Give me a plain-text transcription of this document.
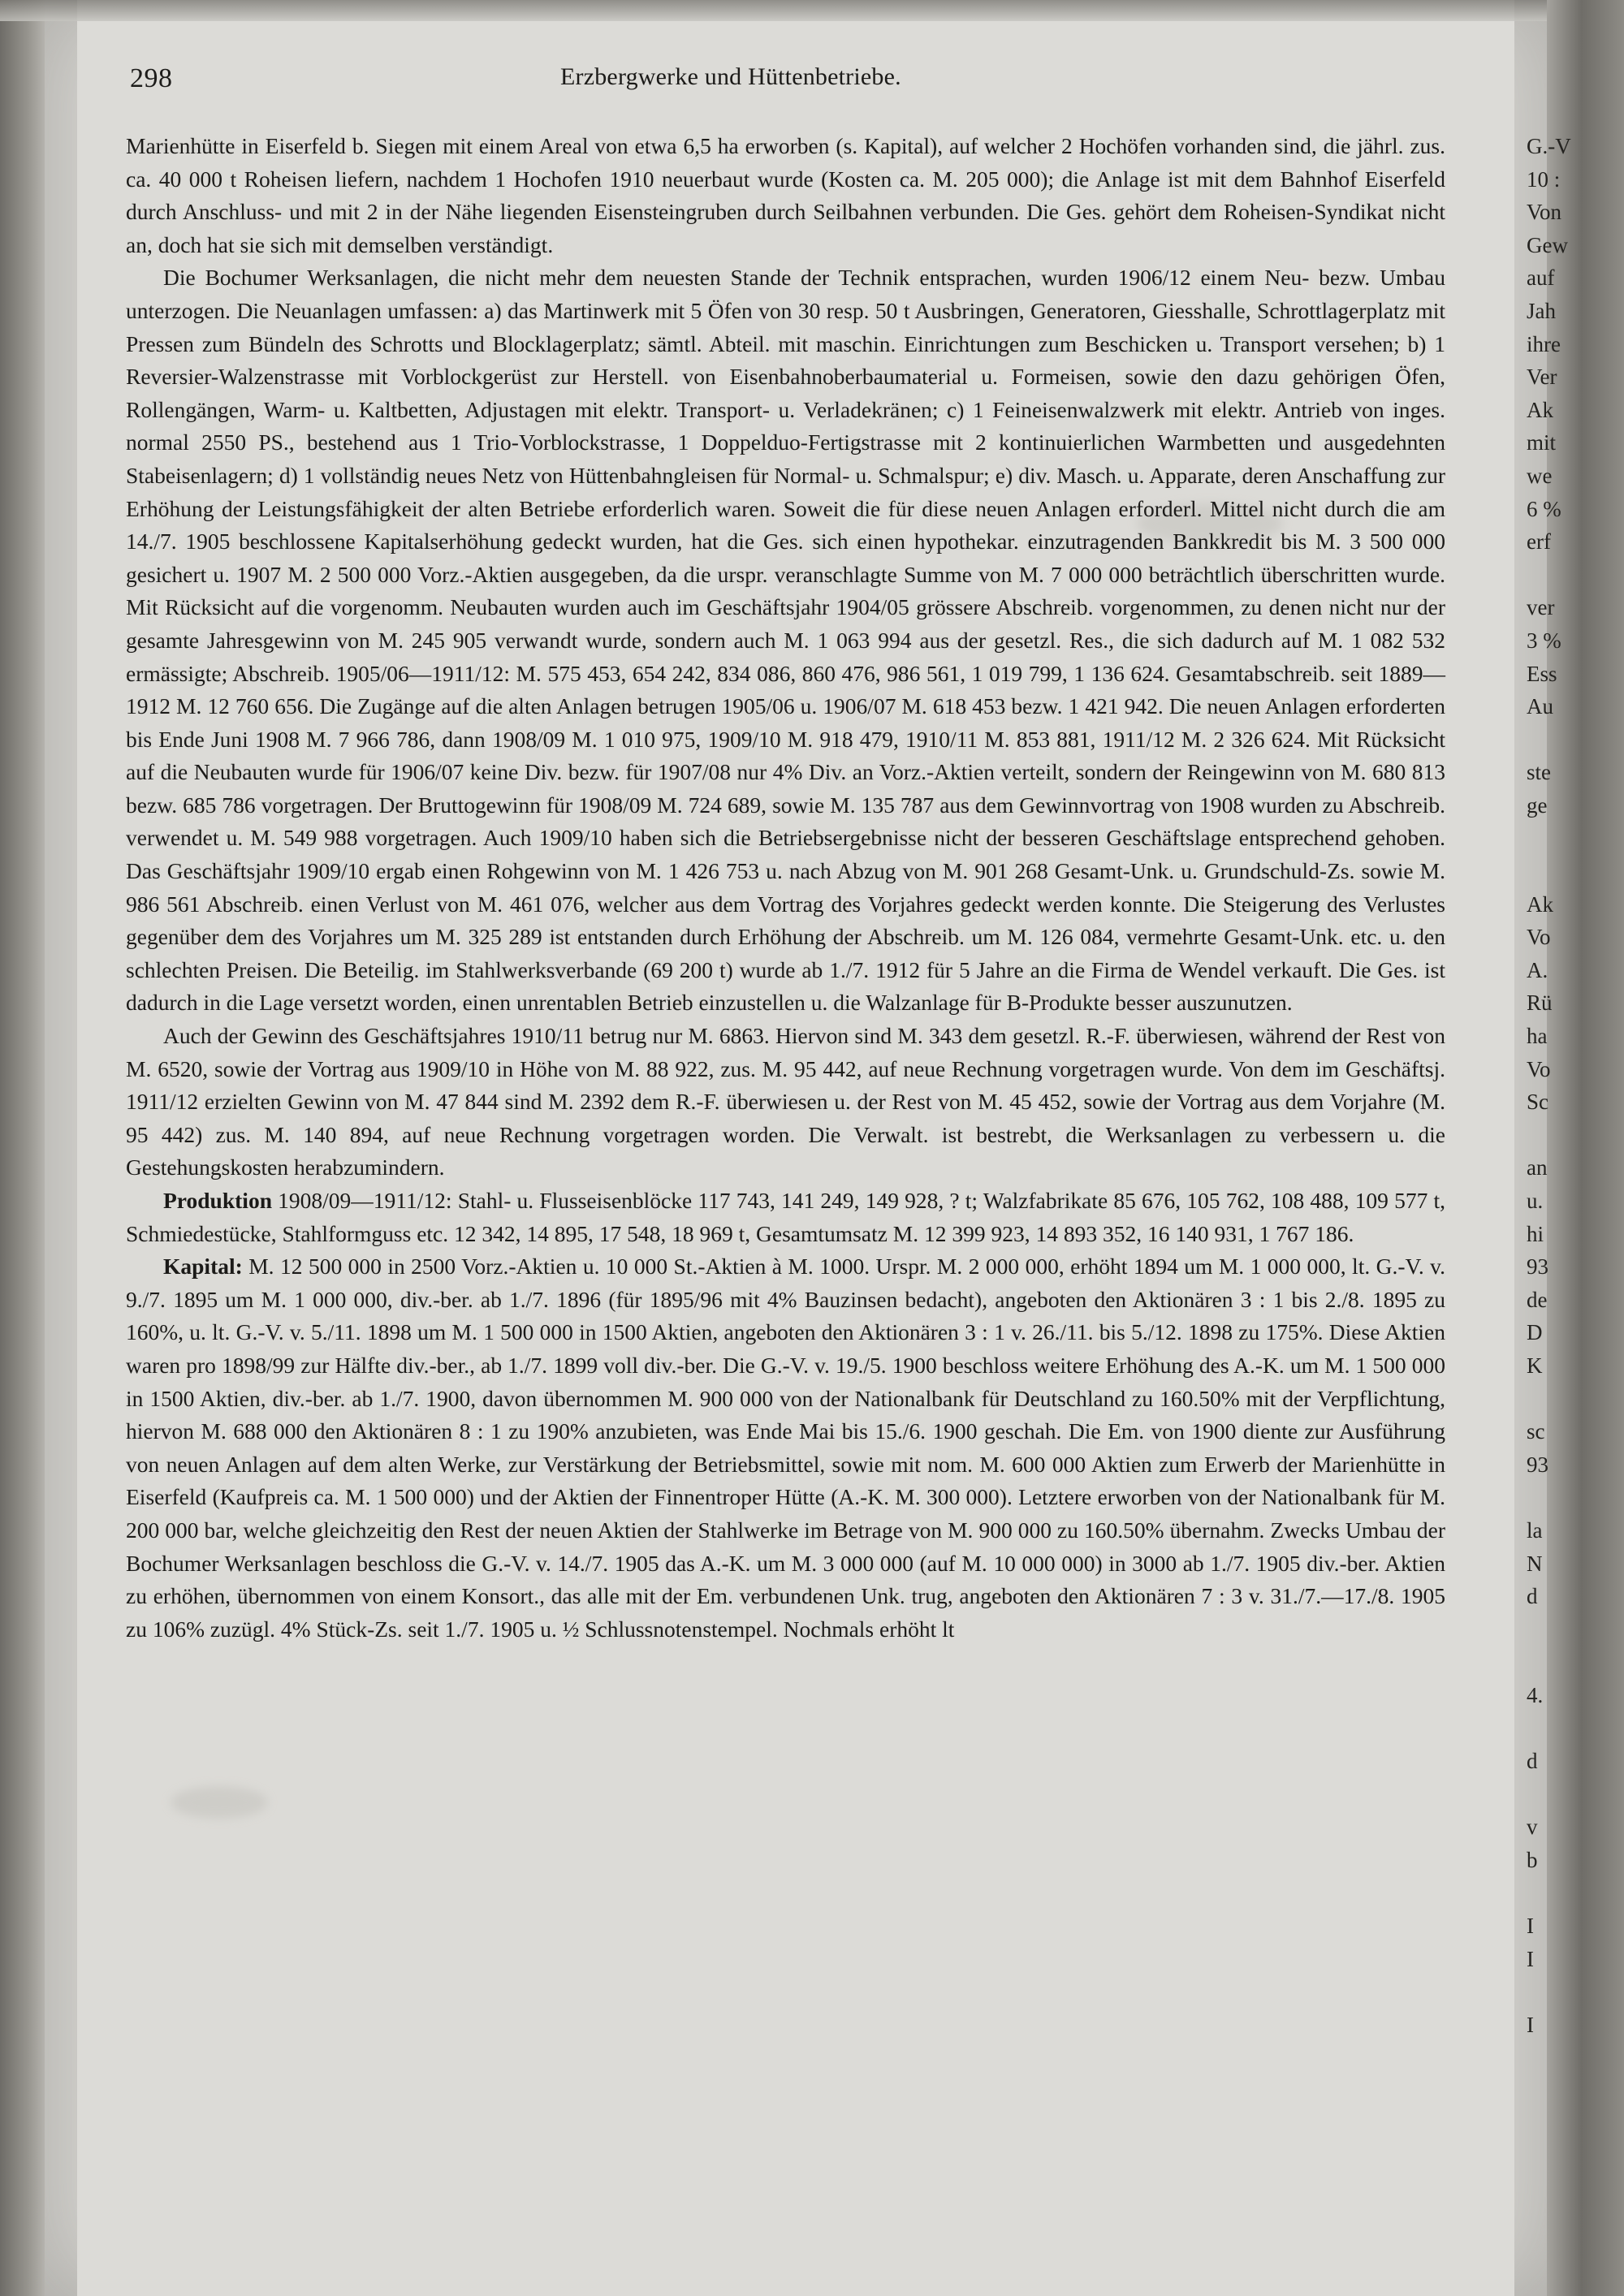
298	Erzbergwerke und Hüttenbetriebe.

Marienhütte in Eiserfeld b. Siegen mit einem Areal von etwa 6,5 ha erworben (s. Kapital), auf welcher 2 Hochöfen vorhanden sind, die jährl. zus. ca. 40 000 t Roheisen liefern, nachdem 1 Hochofen 1910 neuerbaut wurde (Kosten ca. M. 205 000); die Anlage ist mit dem Bahnhof Eiserfeld durch Anschluss- und mit 2 in der Nähe liegenden Eisensteingruben durch Seilbahnen verbunden. Die Ges. gehört dem Roheisen-Syndikat nicht an, doch hat sie sich mit demselben verständigt.

Die Bochumer Werksanlagen, die nicht mehr dem neuesten Stande der Technik entsprachen, wurden 1906/12 einem Neu- bezw. Umbau unterzogen. Die Neuanlagen umfassen: a) das Martinwerk mit 5 Öfen von 30 resp. 50 t Ausbringen, Generatoren, Giesshalle, Schrottlagerplatz mit Pressen zum Bündeln des Schrotts und Blocklagerplatz; sämtl. Abteil. mit maschin. Einrichtungen zum Beschicken u. Transport versehen; b) 1 Reversier-Walzenstrasse mit Vorblockgerüst zur Herstell. von Eisenbahnoberbaumaterial u. Formeisen, sowie den dazu gehörigen Öfen, Rollengängen, Warm- u. Kaltbetten, Adjustagen mit elektr. Transport- u. Verladekränen; c) 1 Feineisenwalzwerk mit elektr. Antrieb von inges. normal 2550 PS., bestehend aus 1 Trio-Vorblockstrasse, 1 Doppelduo-Fertigstrasse mit 2 kontinuierlichen Warmbetten und ausgedehnten Stabeisenlagern; d) 1 vollständig neues Netz von Hüttenbahngleisen für Normal- u. Schmalspur; e) div. Masch. u. Apparate, deren Anschaffung zur Erhöhung der Leistungsfähigkeit der alten Betriebe erforderlich waren. Soweit die für diese neuen Anlagen erforderl. Mittel nicht durch die am 14./7. 1905 beschlossene Kapitalserhöhung gedeckt wurden, hat die Ges. sich einen hypothekar. einzutragenden Bankkredit bis M. 3 500 000 gesichert u. 1907 M. 2 500 000 Vorz.-Aktien ausgegeben, da die urspr. veranschlagte Summe von M. 7 000 000 beträchtlich überschritten wurde. Mit Rücksicht auf die vorgenomm. Neubauten wurden auch im Geschäftsjahr 1904/05 grössere Abschreib. vorgenommen, zu denen nicht nur der gesamte Jahresgewinn von M. 245 905 verwandt wurde, sondern auch M. 1 063 994 aus der gesetzl. Res., die sich dadurch auf M. 1 082 532 ermässigte; Abschreib. 1905/06—1911/12: M. 575 453, 654 242, 834 086, 860 476, 986 561, 1 019 799, 1 136 624. Gesamtabschreib. seit 1889—1912 M. 12 760 656. Die Zugänge auf die alten Anlagen betrugen 1905/06 u. 1906/07 M. 618 453 bezw. 1 421 942. Die neuen Anlagen erforderten bis Ende Juni 1908 M. 7 966 786, dann 1908/09 M. 1 010 975, 1909/10 M. 918 479, 1910/11 M. 853 881, 1911/12 M. 2 326 624. Mit Rücksicht auf die Neubauten wurde für 1906/07 keine Div. bezw. für 1907/08 nur 4% Div. an Vorz.-Aktien verteilt, sondern der Reingewinn von M. 680 813 bezw. 685 786 vorgetragen. Der Bruttogewinn für 1908/09 M. 724 689, sowie M. 135 787 aus dem Gewinnvortrag von 1908 wurden zu Abschreib. verwendet u. M. 549 988 vorgetragen. Auch 1909/10 haben sich die Betriebsergebnisse nicht der besseren Geschäftslage entsprechend gehoben. Das Geschäftsjahr 1909/10 ergab einen Rohgewinn von M. 1 426 753 u. nach Abzug von M. 901 268 Gesamt-Unk. u. Grundschuld-Zs. sowie M. 986 561 Abschreib. einen Verlust von M. 461 076, welcher aus dem Vortrag des Vorjahres gedeckt werden konnte. Die Steigerung des Verlustes gegenüber dem des Vorjahres um M. 325 289 ist entstanden durch Erhöhung der Abschreib. um M. 126 084, vermehrte Gesamt-Unk. etc. u. den schlechten Preisen. Die Beteilig. im Stahlwerksverbande (69 200 t) wurde ab 1./7. 1912 für 5 Jahre an die Firma de Wendel verkauft. Die Ges. ist dadurch in die Lage versetzt worden, einen unrentablen Betrieb einzustellen u. die Walzanlage für B-Produkte besser auszunutzen.

Auch der Gewinn des Geschäftsjahres 1910/11 betrug nur M. 6863. Hiervon sind M. 343 dem gesetzl. R.-F. überwiesen, während der Rest von M. 6520, sowie der Vortrag aus 1909/10 in Höhe von M. 88 922, zus. M. 95 442, auf neue Rechnung vorgetragen wurde. Von dem im Geschäftsj. 1911/12 erzielten Gewinn von M. 47 844 sind M. 2392 dem R.-F. überwiesen u. der Rest von M. 45 452, sowie der Vortrag aus dem Vorjahre (M. 95 442) zus. M. 140 894, auf neue Rechnung vorgetragen worden. Die Verwalt. ist bestrebt, die Werksanlagen zu verbessern u. die Gestehungskosten herabzumindern.

Produktion 1908/09—1911/12: Stahl- u. Flusseisenblöcke 117 743, 141 249, 149 928, ? t; Walzfabrikate 85 676, 105 762, 108 488, 109 577 t, Schmiedestücke, Stahlformguss etc. 12 342, 14 895, 17 548, 18 969 t, Gesamtumsatz M. 12 399 923, 14 893 352, 16 140 931, 1 767 186.

Kapital: M. 12 500 000 in 2500 Vorz.-Aktien u. 10 000 St.-Aktien à M. 1000. Urspr. M. 2 000 000, erhöht 1894 um M. 1 000 000, lt. G.-V. v. 9./7. 1895 um M. 1 000 000, div.-ber. ab 1./7. 1896 (für 1895/96 mit 4% Bauzinsen bedacht), angeboten den Aktionären 3 : 1 bis 2./8. 1895 zu 160%, u. lt. G.-V. v. 5./11. 1898 um M. 1 500 000 in 1500 Aktien, angeboten den Aktionären 3 : 1 v. 26./11. bis 5./12. 1898 zu 175%. Diese Aktien waren pro 1898/99 zur Hälfte div.-ber., ab 1./7. 1899 voll div.-ber. Die G.-V. v. 19./5. 1900 beschloss weitere Erhöhung des A.-K. um M. 1 500 000 in 1500 Aktien, div.-ber. ab 1./7. 1900, davon übernommen M. 900 000 von der Nationalbank für Deutschland zu 160.50% mit der Verpflichtung, hiervon M. 688 000 den Aktionären 8 : 1 zu 190% anzubieten, was Ende Mai bis 15./6. 1900 geschah. Die Em. von 1900 diente zur Ausführung von neuen Anlagen auf dem alten Werke, zur Verstärkung der Betriebsmittel, sowie mit nom. M. 600 000 Aktien zum Erwerb der Marienhütte in Eiserfeld (Kaufpreis ca. M. 1 500 000) und der Aktien der Finnentroper Hütte (A.-K. M. 300 000). Letztere erworben von der Nationalbank für M. 200 000 bar, welche gleichzeitig den Rest der neuen Aktien der Stahlwerke im Betrage von M. 900 000 zu 160.50% übernahm. Zwecks Umbau der Bochumer Werksanlagen beschloss die G.-V. v. 14./7. 1905 das A.-K. um M. 3 000 000 (auf M. 10 000 000) in 3000 ab 1./7. 1905 div.-ber. Aktien zu erhöhen, übernommen von einem Konsort., das alle mit der Em. verbundenen Unk. trug, angeboten den Aktionären 7 : 3 v. 31./7.—17./8. 1905 zu 106% zuzügl. 4% Stück-Zs. seit 1./7. 1905 u. ½ Schlussnotenstempel. Nochmals erhöht lt

G.-V
10 :
Von
Gew
auf
Jah
ihre
Ver
Ak
mit
we
6 %
erf
ver
3 %
Ess
Au
ste
ge
Ak
Vo
A.
Rü
ha
Vo
Sc
an
u.
hi
93
de
D
K
sc
93
la
N
d
4.
d
v
b
I
I
I
